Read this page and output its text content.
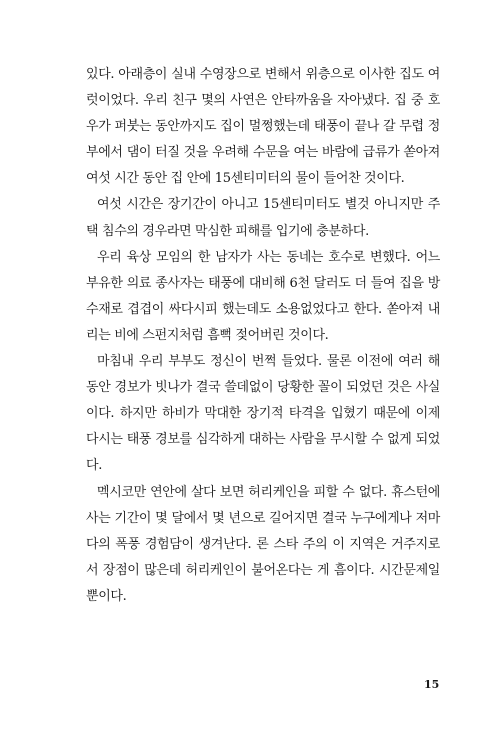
있다. 아래층이 실내 수영장으로 변해서 위층으로 이사한 집도 여럿이었다. 우리 친구 몇의 사연은 안타까움을 자아냈다. 집 중 호우가 퍼붓는 동안까지도 집이 멀쩡했는데 태풍이 끝나 갈 무렵 정부에서 댐이 터질 것을 우려해 수문을 여는 바람에 급류가 쏟아져 여섯 시간 동안 집 안에 15센티미터의 물이 들어찬 것이다.

여섯 시간은 장기간이 아니고 15센티미터도 별것 아니지만 주택 침수의 경우라면 막심한 피해를 입기에 충분하다.

우리 육상 모임의 한 남자가 사는 동네는 호수로 변했다. 어느 부유한 의료 종사자는 태풍에 대비해 6천 달러도 더 들여 집을 방수재로 겹겹이 싸다시피 했는데도 소용없었다고 한다. 쏟아져 내리는 비에 스펀지처럼 흠뻑 젖어버린 것이다.

마침내 우리 부부도 정신이 번쩍 들었다. 물론 이전에 여러 해 동안 경보가 빗나가 결국 쓸데없이 당황한 꼴이 되었던 것은 사실이다. 하지만 하비가 막대한 장기적 타격을 입혔기 때문에 이제 다시는 태풍 경보를 심각하게 대하는 사람을 무시할 수 없게 되었다.

멕시코만 연안에 살다 보면 허리케인을 피할 수 없다. 휴스턴에 사는 기간이 몇 달에서 몇 년으로 길어지면 결국 누구에게나 저마다의 폭풍 경험담이 생겨난다. 론 스타 주의 이 지역은 거주지로서 장점이 많은데 허리케인이 불어온다는 게 흠이다. 시간문제일 뿐이다.

15
